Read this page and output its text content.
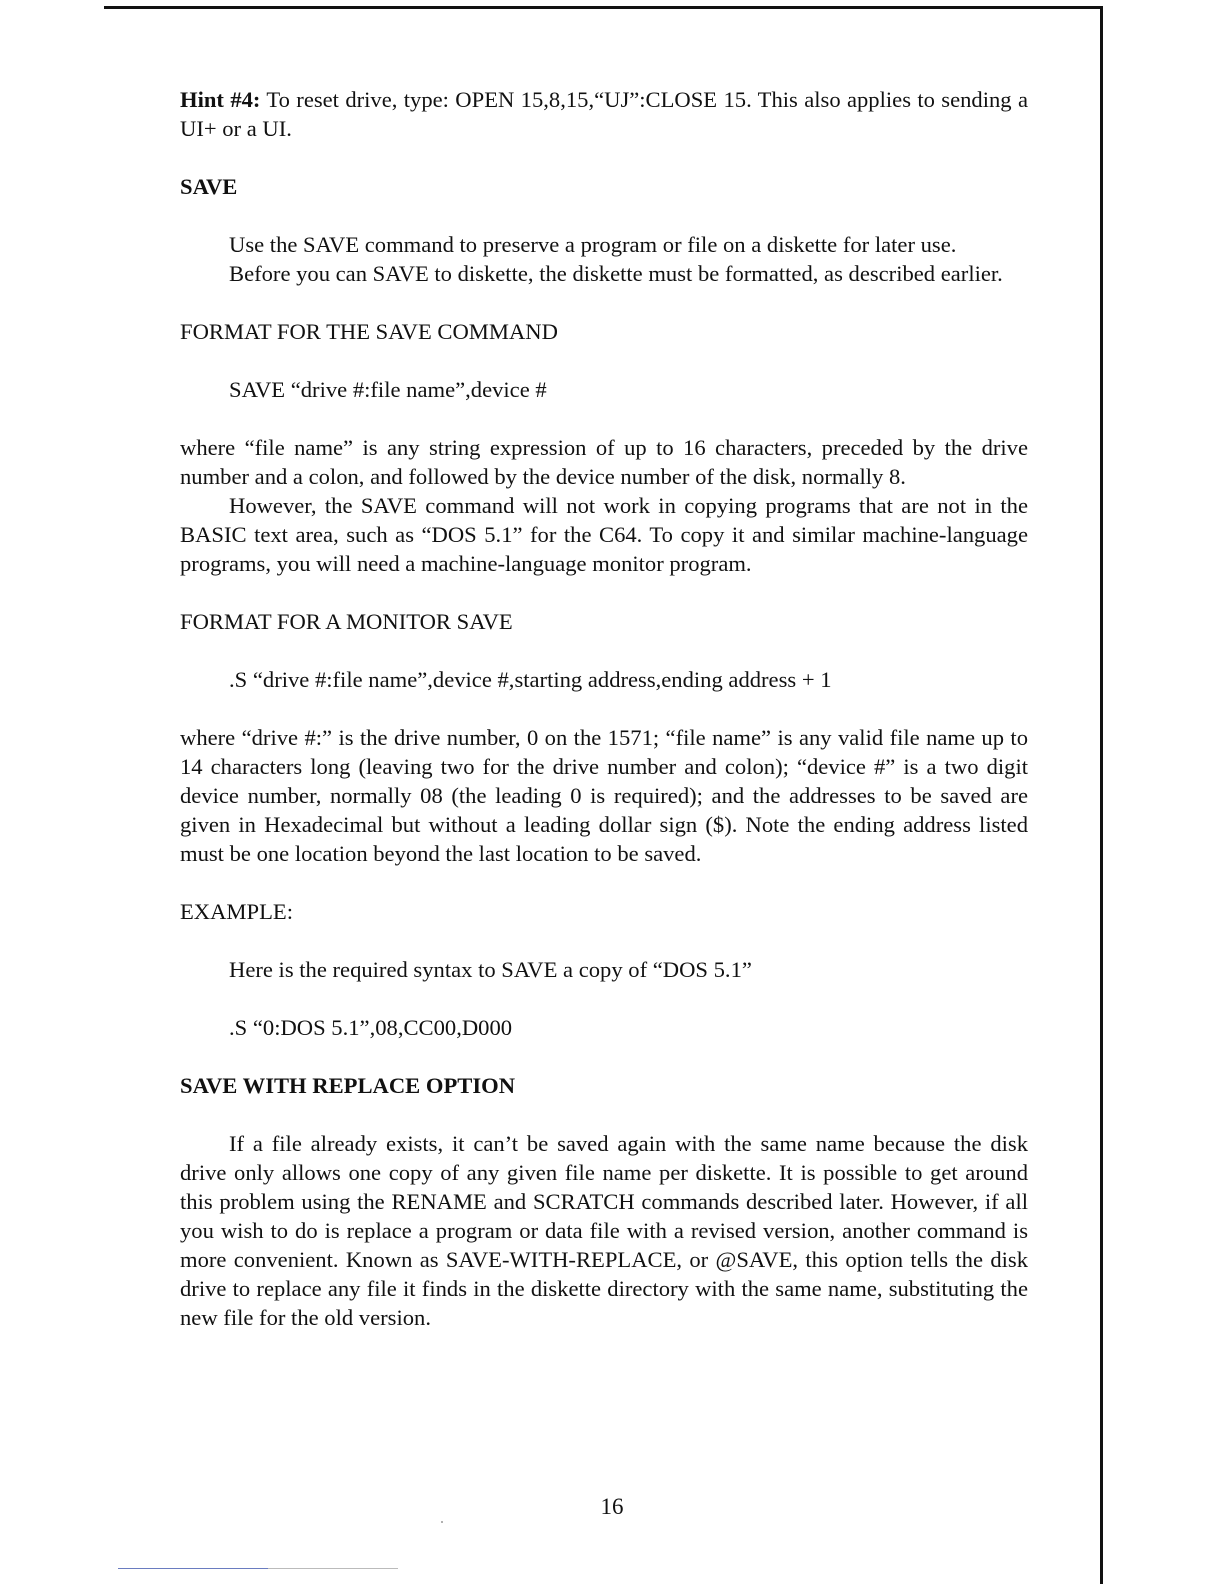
Hint #4: To reset drive, type: OPEN 15,8,15,“UJ”:CLOSE 15. This also applies to sending a UI+ or a UI.

SAVE

Use the SAVE command to preserve a program or file on a diskette for later use.

Before you can SAVE to diskette, the diskette must be formatted, as described earlier.

FORMAT FOR THE SAVE COMMAND

SAVE “drive #:file name”,device #

where “file name” is any string expression of up to 16 characters, preceded by the drive number and a colon, and followed by the device number of the disk, normally 8.

However, the SAVE command will not work in copying programs that are not in the BASIC text area, such as “DOS 5.1” for the C64. To copy it and similar machine-language programs, you will need a machine-language monitor program.

FORMAT FOR A MONITOR SAVE

.S “drive #:file name”,device #,starting address,ending address + 1

where “drive #:” is the drive number, 0 on the 1571; “file name” is any valid file name up to 14 characters long (leaving two for the drive number and colon); “device #” is a two digit device number, normally 08 (the leading 0 is required); and the addresses to be saved are given in Hexadecimal but without a leading dollar sign ($). Note the ending address listed must be one location beyond the last location to be saved.

EXAMPLE:

Here is the required syntax to SAVE a copy of “DOS 5.1”

.S “0:DOS 5.1”,08,CC00,D000

SAVE WITH REPLACE OPTION

If a file already exists, it can’t be saved again with the same name because the disk drive only allows one copy of any given file name per diskette. It is possible to get around this problem using the RENAME and SCRATCH commands described later. However, if all you wish to do is replace a program or data file with a revised version, another command is more convenient. Known as SAVE-WITH-REPLACE, or @SAVE, this option tells the disk drive to replace any file it finds in the diskette directory with the same name, substituting the new file for the old version.

16
